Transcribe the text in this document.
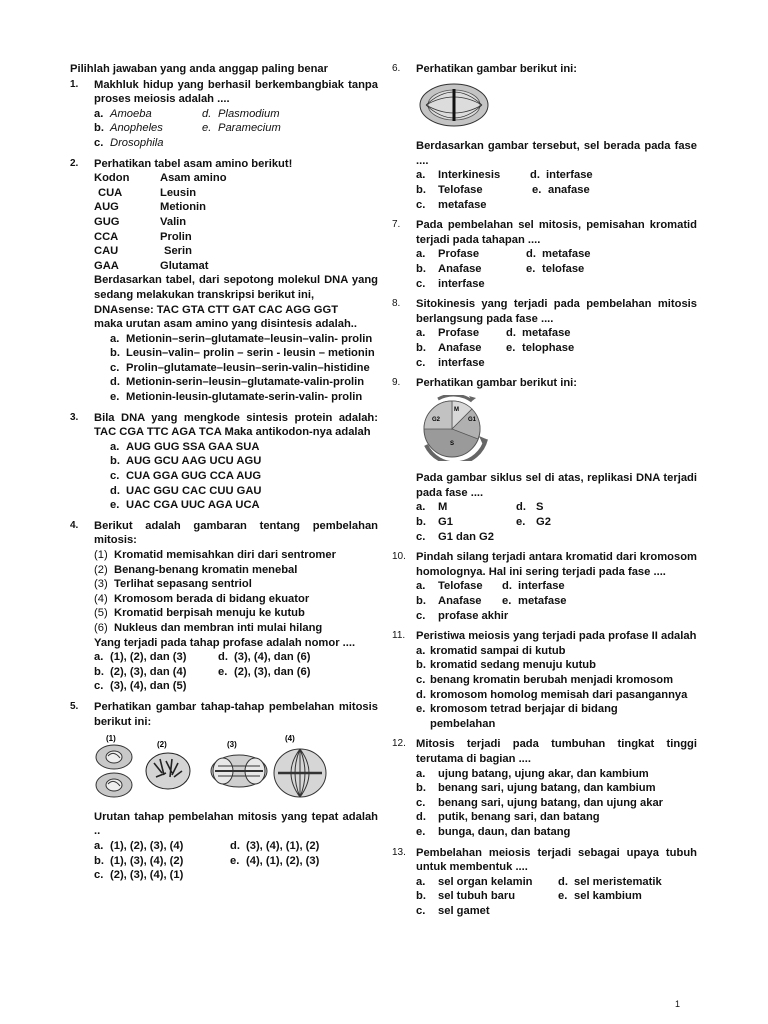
Pilihlah jawaban yang anda anggap paling benar
1.	Makhluk hidup yang berhasil berkembangbiak tanpa proses meiosis adalah ....
a. Amoeba	d. Plasmodium
b. Anopheles	e. Paramecium
c. Drosophila
2.	Perhatikan tabel asam amino berikut!
Kodon	Asam amino
CUA	Leusin
AUG	Metionin
GUG	Valin
CCA	Prolin
CAU	Serin
GAA	Glutamat
Berdasarkan tabel, dari sepotong molekul DNA yang sedang melakukan transkripsi berikut ini,
DNAsense: TAC GTA CTT GAT CAC AGG GGT
maka urutan asam amino yang disintesis adalah..
a. Metionin–serin–glutamate–leusin–valin- prolin
b. Leusin–valin– prolin – serin - leusin – metionin
c. Prolin–glutamate–leusin–serin-valin–histidine
d. Metionin-serin–leusin–glutamate-valin-prolin
e. Metionin-leusin-glutamate-serin-valin- prolin
3.	Bila DNA yang mengkode sintesis protein adalah: TAC CGA TTC AGA TCA Maka antikodon-nya adalah
a. AUG GUG SSA GAA SUA
b. AUG GCU AAG UCU AGU
c. CUA GGA GUG CCA AUG
d. UAC GGU CAC CUU GAU
e. UAC CGA UUC AGA UCA
4.	Berikut adalah gambaran tentang pembelahan mitosis:
(1) Kromatid memisahkan diri dari sentromer
(2) Benang-benang kromatin menebal
(3) Terlihat sepasang sentriol
(4) Kromosom berada di bidang ekuator
(5) Kromatid berpisah menuju ke kutub
(6) Nukleus dan membran inti mulai hilang
Yang terjadi pada tahap profase adalah nomor ....
a. (1), (2), dan (3)	d. (3), (4), dan (6)
b. (2), (3), dan (4)	e. (2), (3), dan (6)
c. (3), (4), dan (5)
5.	Perhatikan gambar tahap-tahap pembelahan mitosis berikut ini:
(1)
(2)	(3)
(4)
Urutan tahap pembelahan mitosis yang tepat adalah ..
a. (1), (2), (3), (4)	d. (3), (4), (1), (2)
b. (1), (3), (4), (2)	e. (4), (1), (2), (3)
c. (2), (3), (4), (1)
6.	Perhatikan gambar berikut ini:
Berdasarkan gambar tersebut, sel berada pada fase ....
a.	Interkinesis	d. interfase
b.	Telofase	e. anafase
c.	metafase
7.	Pada pembelahan sel mitosis, pemisahan kromatid terjadi pada tahapan ....
a.	Profase	d. metafase
b.	Anafase	e. telofase
c.	interfase
8.	Sitokinesis yang terjadi pada pembelahan mitosis berlangsung pada fase ....
a.	Profase d. metafase
b.	Anafase e. telophase
c.	interfase
9.	Perhatikan gambar berikut ini:
M
G2	G1
S
Pada gambar siklus sel di atas, replikasi DNA terjadi pada fase ....
a.	M	d. S
b.	G1	e. G2
c.	G1 dan G2
10. Pindah silang terjadi antara kromatid dari kromosom homolognya. Hal ini sering terjadi pada fase ....
a.	Telofase d. interfase
b.	Anafase e. metafase
c.	profase akhir
11. Peristiwa meiosis yang terjadi pada profase II adalah
a. kromatid sampai di kutub
b. kromatid sedang menuju kutub
c. benang kromatin berubah menjadi kromosom
d. kromosom homolog memisah dari pasangannya
e. kromosom tetrad berjajar di bidang
pembelahan
12. Mitosis terjadi pada tumbuhan tingkat tinggi terutama di bagian ....
a.	ujung batang, ujung akar, dan kambium
b.	benang sari, ujung batang, dan kambium
c.	benang sari, ujung batang, dan ujung akar
d.	putik, benang sari, dan batang
e.	bunga, daun, dan batang
13. Pembelahan meiosis terjadi sebagai upaya tubuh untuk membentuk ....
a.	sel organ kelamin d. sel meristematik
b.	sel tubuh baru	e. sel kambium
c.	sel gamet
1
